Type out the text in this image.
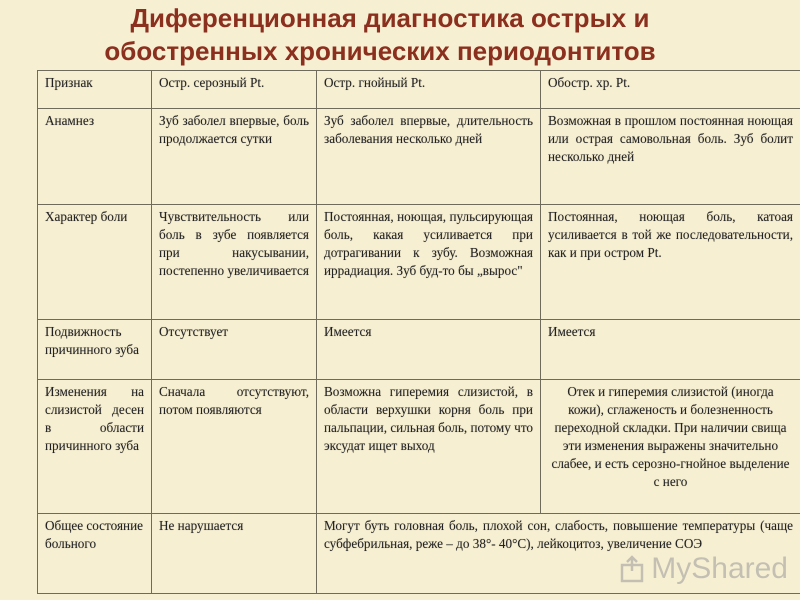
Диференционная диагностика острых и
обостренных хронических периодонтитов
Признак	Остр. серозный Pt.	Остр. гнойный Pt.	Обостр. хр. Pt.
Анамнез	Зуб заболел впервые, боль продолжается сутки	Зуб заболел впервые, длительность заболевания несколько дней	Возможная в прошлом постоянная ноющая или острая самовольная боль. Зуб болит несколько дней
Характер боли	Чувствительность или боль в зубе появляется при накусывании, постепенно увеличивается	Постоянная, ноющая, пульсирующая боль, какая усиливается при дотрагивании к зубу. Возможная иррадиация. Зуб буд-то бы „вырос"	Постоянная, ноющая боль, катоая усиливается в той же последовательности, как и при остром Pt.
Подвижность причинного зуба	Отсутствует	Имеется	Имеется
Изменения на слизистой десен в области причинного зуба	Сначала отсутствуют, потом появляются	Возможна гиперемия слизистой, в области верхушки корня боль при пальпации, сильная боль, потому что эксудат ищет выход	Отек и гиперемия слизистой (иногда кожи), сглаженость и болезненность переходной складки. При наличии свища эти изменения выражены значительно слабее, и есть серозно-гнойное выделение с него
Общее состояние больного	Не нарушается	Могут буть головная боль, плохой сон, слабость, повышение температуры (чаще субфебрильная, реже – до 38°- 40°C), лейкоцитоз, увеличение СОЭ	
MyShared
